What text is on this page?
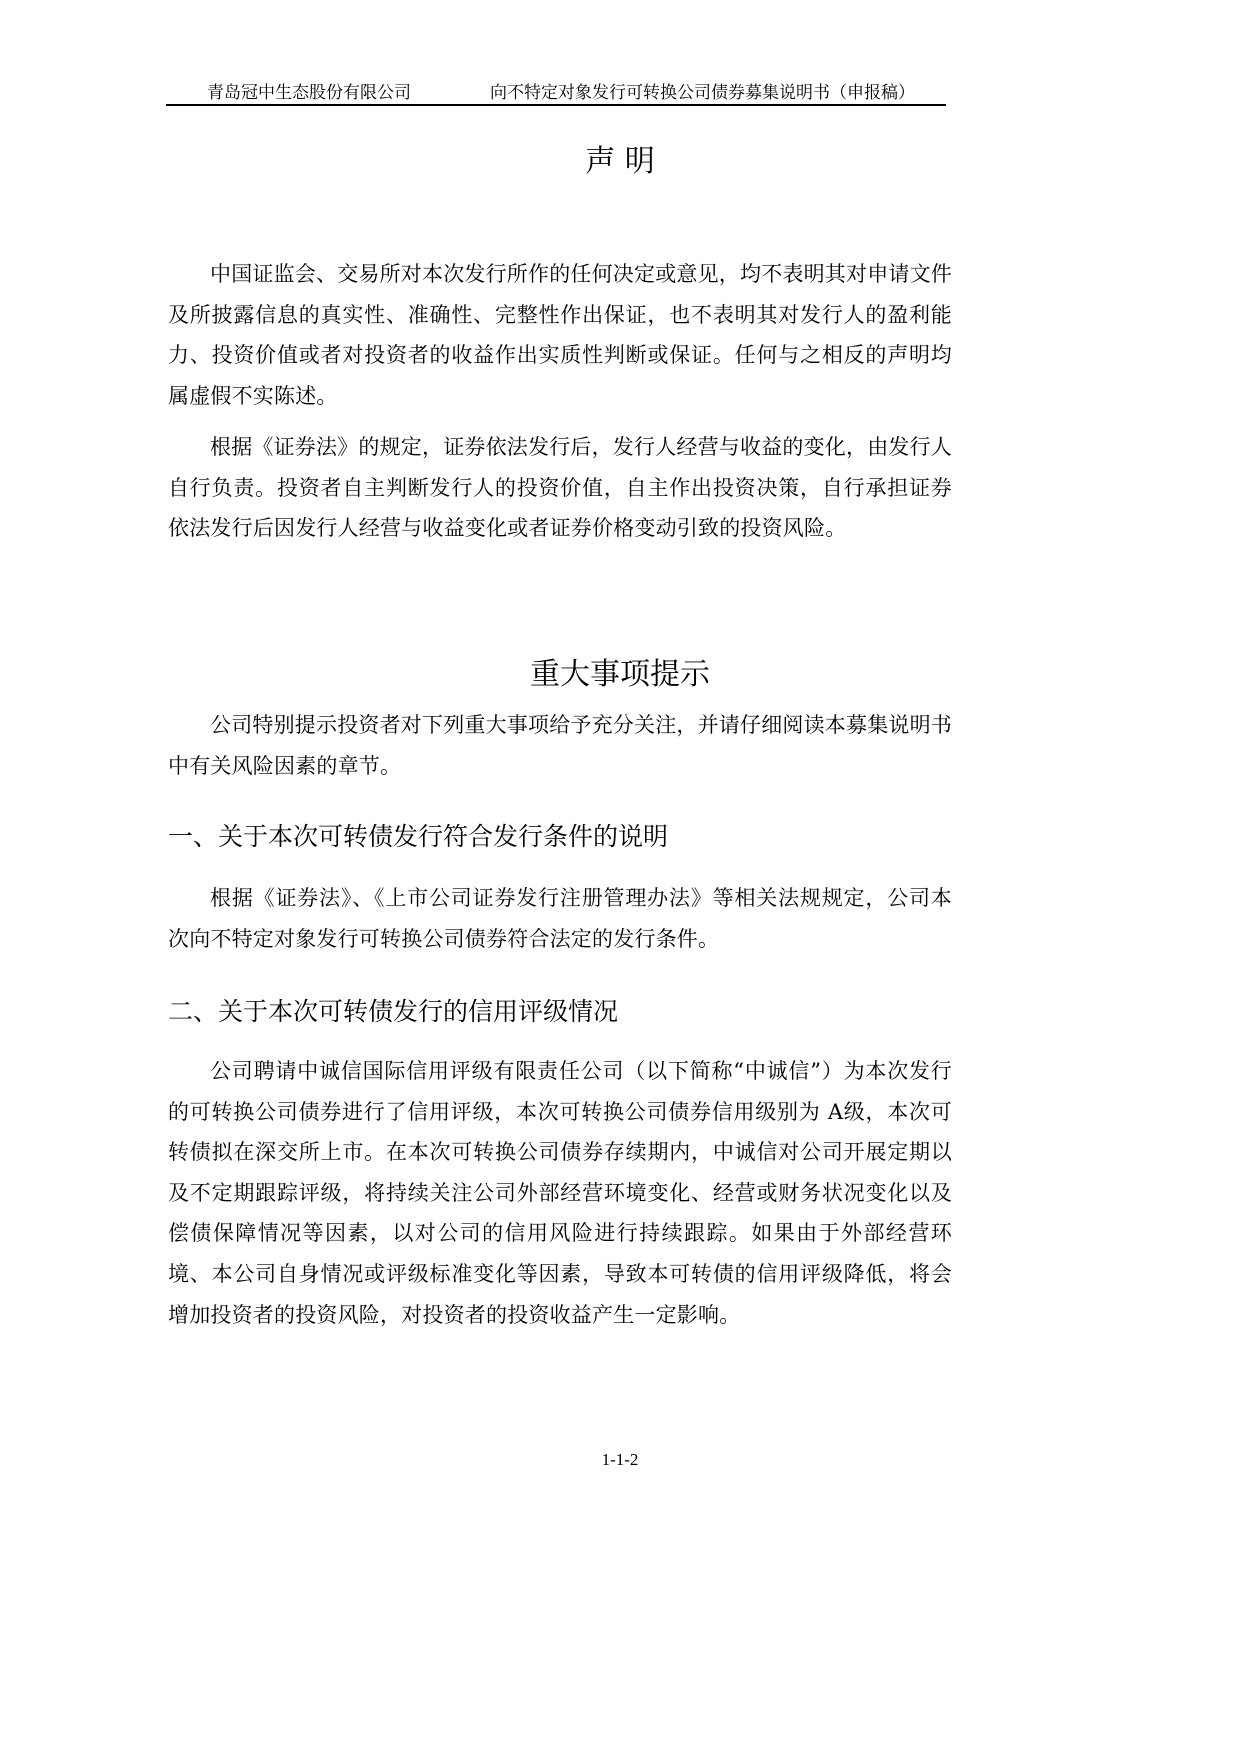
青岛冠中生态股份有限公司	向不特定对象发行可转换公司债券募集说明书（申报稿）
声 明

中国证监会、交易所对本次发行所作的任何决定或意见，均不表明其对申请文件及所披露信息的真实性、准确性、完整性作出保证，也不表明其对发行人的盈利能力、投资价值或者对投资者的收益作出实质性判断或保证。任何与之相反的声明均属虚假不实陈述。

根据《证券法》的规定，证券依法发行后，发行人经营与收益的变化，由发行人自行负责。投资者自主判断发行人的投资价值，自主作出投资决策，自行承担证券依法发行后因发行人经营与收益变化或者证券价格变动引致的投资风险。

重大事项提示

公司特别提示投资者对下列重大事项给予充分关注，并请仔细阅读本募集说明书中有关风险因素的章节。

一、关于本次可转债发行符合发行条件的说明

根据《证券法》、《上市公司证券发行注册管理办法》等相关法规规定，公司本次向不特定对象发行可转换公司债券符合法定的发行条件。

二、关于本次可转债发行的信用评级情况

公司聘请中诚信国际信用评级有限责任公司（以下简称“中诚信”）为本次发行的可转换公司债券进行了信用评级，本次可转换公司债券信用级别为 A级，本次可转债拟在深交所上市。在本次可转换公司债券存续期内，中诚信对公司开展定期以及不定期跟踪评级，将持续关注公司外部经营环境变化、经营或财务状况变化以及偿债保障情况等因素，以对公司的信用风险进行持续跟踪。如果由于外部经营环境、本公司自身情况或评级标准变化等因素，导致本可转债的信用评级降低，将会增加投资者的投资风险，对投资者的投资收益产生一定影响。

1-1-2
